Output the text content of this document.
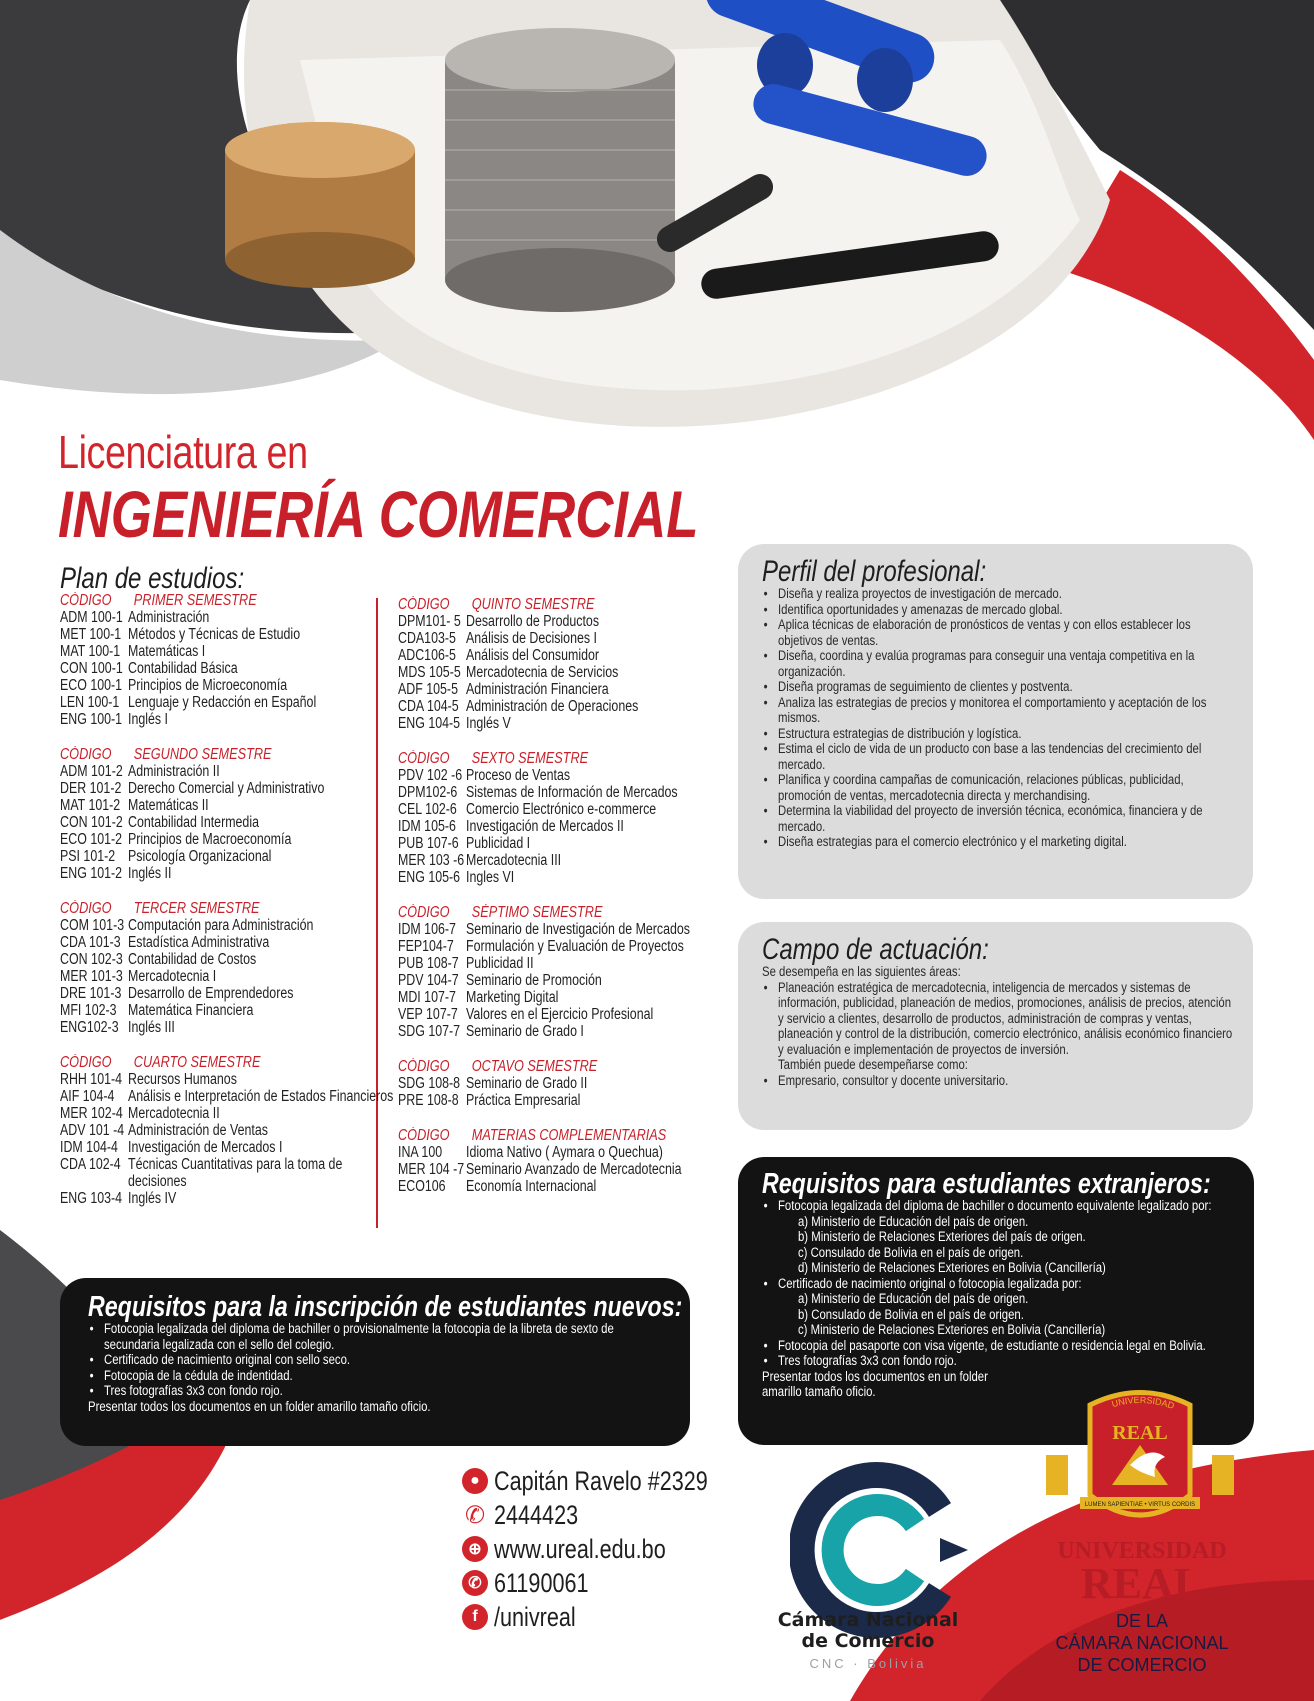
Licenciatura en
INGENIERÍA COMERCIAL
Plan de estudios:
CÓDIGO	PRIMER SEMESTRE
ADM 100-1 Administración
MET 100-1 Métodos y Técnicas de Estudio
MAT 100-1 Matemáticas I
CON 100-1 Contabilidad Básica
ECO 100-1 Principios de Microeconomía
LEN 100-1 Lenguaje y Redacción en Español
ENG 100-1 Inglés I
CÓDIGO	SEGUNDO SEMESTRE
ADM 101-2 Administración II
DER 101-2 Derecho Comercial y Administrativo
MAT 101-2 Matemáticas II
CON 101-2 Contabilidad Intermedia
ECO 101-2 Principios de Macroeconomía
PSI 101-2 Psicología Organizacional
ENG 101-2 Inglés II
CÓDIGO	TERCER SEMESTRE
COM 101-3 Computación para Administración
CDA 101-3 Estadística Administrativa
CON 102-3 Contabilidad de Costos
MER 101-3 Mercadotecnia I
DRE 101-3 Desarrollo de Emprendedores
MFI 102-3 Matemática Financiera
ENG102-3 Inglés III
CÓDIGO	CUARTO SEMESTRE
RHH 101-4 Recursos Humanos
AIF 104-4 Análisis e Interpretación de Estados Financieros
MER 102-4 Mercadotecnia II
ADV 101 -4 Administración de Ventas
IDM 104-4 Investigación de Mercados I
CDA 102-4 Técnicas Cuantitativas para la toma de decisiones
ENG 103-4 Inglés IV
CÓDIGO	QUINTO SEMESTRE
DPM101- 5 Desarrollo de Productos
CDA103-5 Análisis de Decisiones I
ADC106-5 Análisis del Consumidor
MDS 105-5 Mercadotecnia de Servicios
ADF 105-5 Administración Financiera
CDA 104-5 Administración de Operaciones
ENG 104-5 Inglés V
CÓDIGO	SEXTO SEMESTRE
PDV 102 -6 Proceso de Ventas
DPM102-6 Sistemas de Información de Mercados
CEL 102-6 Comercio Electrónico e-commerce
IDM 105-6 Investigación de Mercados II
PUB 107-6 Publicidad I
MER 103 -6 Mercadotecnia III
ENG 105-6 Ingles VI
CÓDIGO	SÉPTIMO SEMESTRE
IDM 106-7 Seminario de Investigación de Mercados
FEP104-7 Formulación y Evaluación de Proyectos
PUB 108-7 Publicidad II
PDV 104-7 Seminario de Promoción
MDI 107-7 Marketing Digital
VEP 107-7 Valores en el Ejercicio Profesional
SDG 107-7 Seminario de Grado I
CÓDIGO	OCTAVO SEMESTRE
SDG 108-8 Seminario de Grado II
PRE 108-8 Práctica Empresarial
CÓDIGO	MATERIAS COMPLEMENTARIAS
INA 100	Idioma Nativo ( Aymara o Quechua)
MER 104 -7 Seminario Avanzado de Mercadotecnia
ECO106	Economía Internacional
Perfil del profesional:
• Diseña y realiza proyectos de investigación de mercado.
• Identifica oportunidades y amenazas de mercado global.
• Aplica técnicas de elaboración de pronósticos de ventas y con ellos establecer los objetivos de ventas.
• Diseña, coordina y evalúa programas para conseguir una ventaja competitiva en la organización.
• Diseña programas de seguimiento de clientes y postventa.
• Analiza las estrategias de precios y monitorea el comportamiento y aceptación de los mismos.
• Estructura estrategias de distribución y logística.
• Estima el ciclo de vida de un producto con base a las tendencias del crecimiento del mercado.
• Planifica y coordina campañas de comunicación, relaciones públicas, publicidad, promoción de ventas, mercadotecnia directa y merchandising.
• Determina la viabilidad del proyecto de inversión técnica, económica, financiera y de mercado.
• Diseña estrategias para el comercio electrónico y el marketing digital.
Campo de actuación:
Se desempeña en las siguientes áreas:
• Planeación estratégica de mercadotecnia, inteligencia de mercados y sistemas de información, publicidad, planeación de medios, promociones, análisis de precios, atención y servicio a clientes, desarrollo de productos, administración de compras y ventas, planeación y control de la distribución, comercio electrónico, análisis económico financiero y evaluación e implementación de proyectos de inversión.
También puede desempeñarse como:
• Empresario, consultor y docente universitario.
Requisitos para estudiantes extranjeros:
• Fotocopia legalizada del diploma de bachiller o documento equivalente legalizado por:
a) Ministerio de Educación del país de origen.
b) Ministerio de Relaciones Exteriores del país de origen.
c) Consulado de Bolivia en el país de origen.
d) Ministerio de Relaciones Exteriores en Bolivia (Cancillería)
• Certificado de nacimiento original o fotocopia legalizada por:
a) Ministerio de Educación del país de origen.
b) Consulado de Bolivia en el país de origen.
c) Ministerio de Relaciones Exteriores en Bolivia (Cancillería)
• Fotocopia del pasaporte con visa vigente, de estudiante o residencia legal en Bolivia.
• Tres fotografías 3x3 con fondo rojo.
Presentar todos los documentos en un folder
amarillo tamaño oficio.
Requisitos para la inscripción de estudiantes nuevos:
• Fotocopia legalizada del diploma de bachiller o provisionalmente la fotocopia de la libreta de sexto de secundaria legalizada con el sello del colegio.
• Certificado de nacimiento original con sello seco.
• Fotocopia de la cédula de indentidad.
• Tres fotografías 3x3 con fondo rojo.
Presentar todos los documentos en un folder amarillo tamaño oficio.
● Capitán Ravelo #2329
✆ 2444423
⊕ www.ureal.edu.bo
✆ 61190061
f /univreal	Cámara Nacional
de Comercio
CNC · Bolivia
UNIVERSIDAD
REAL
LUMEN SAPIENTIAE • VIRTUS CORDIS
UNIVERSIDAD
REAL
DE LA
CÁMARA NACIONAL
DE COMERCIO
